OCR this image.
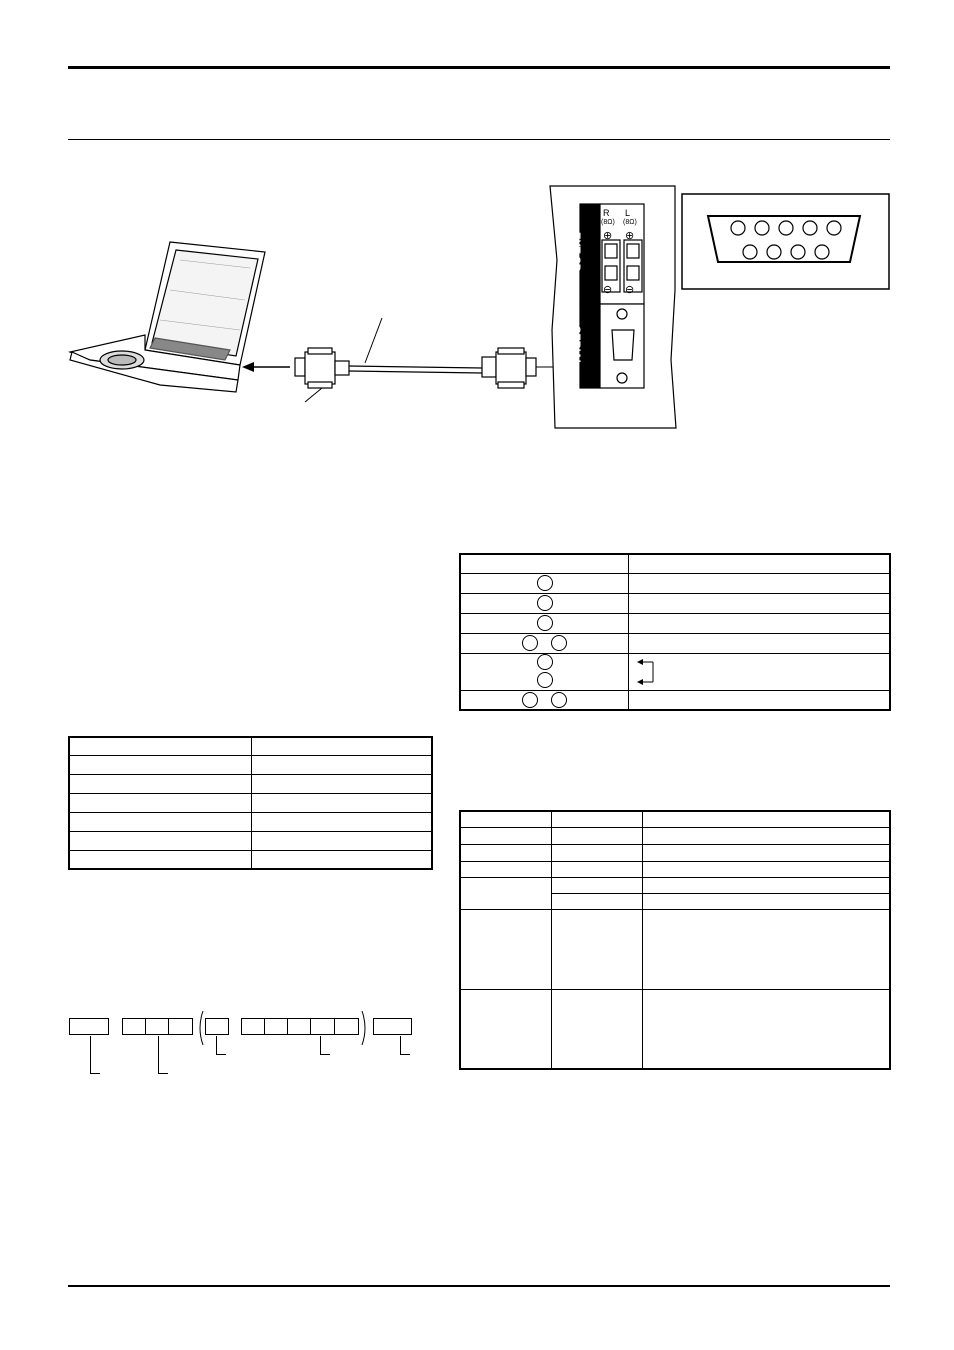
EXT SP
SERIAL
L
R
(8Ω)
(8Ω)
⊕
⊕
⊖
⊖
